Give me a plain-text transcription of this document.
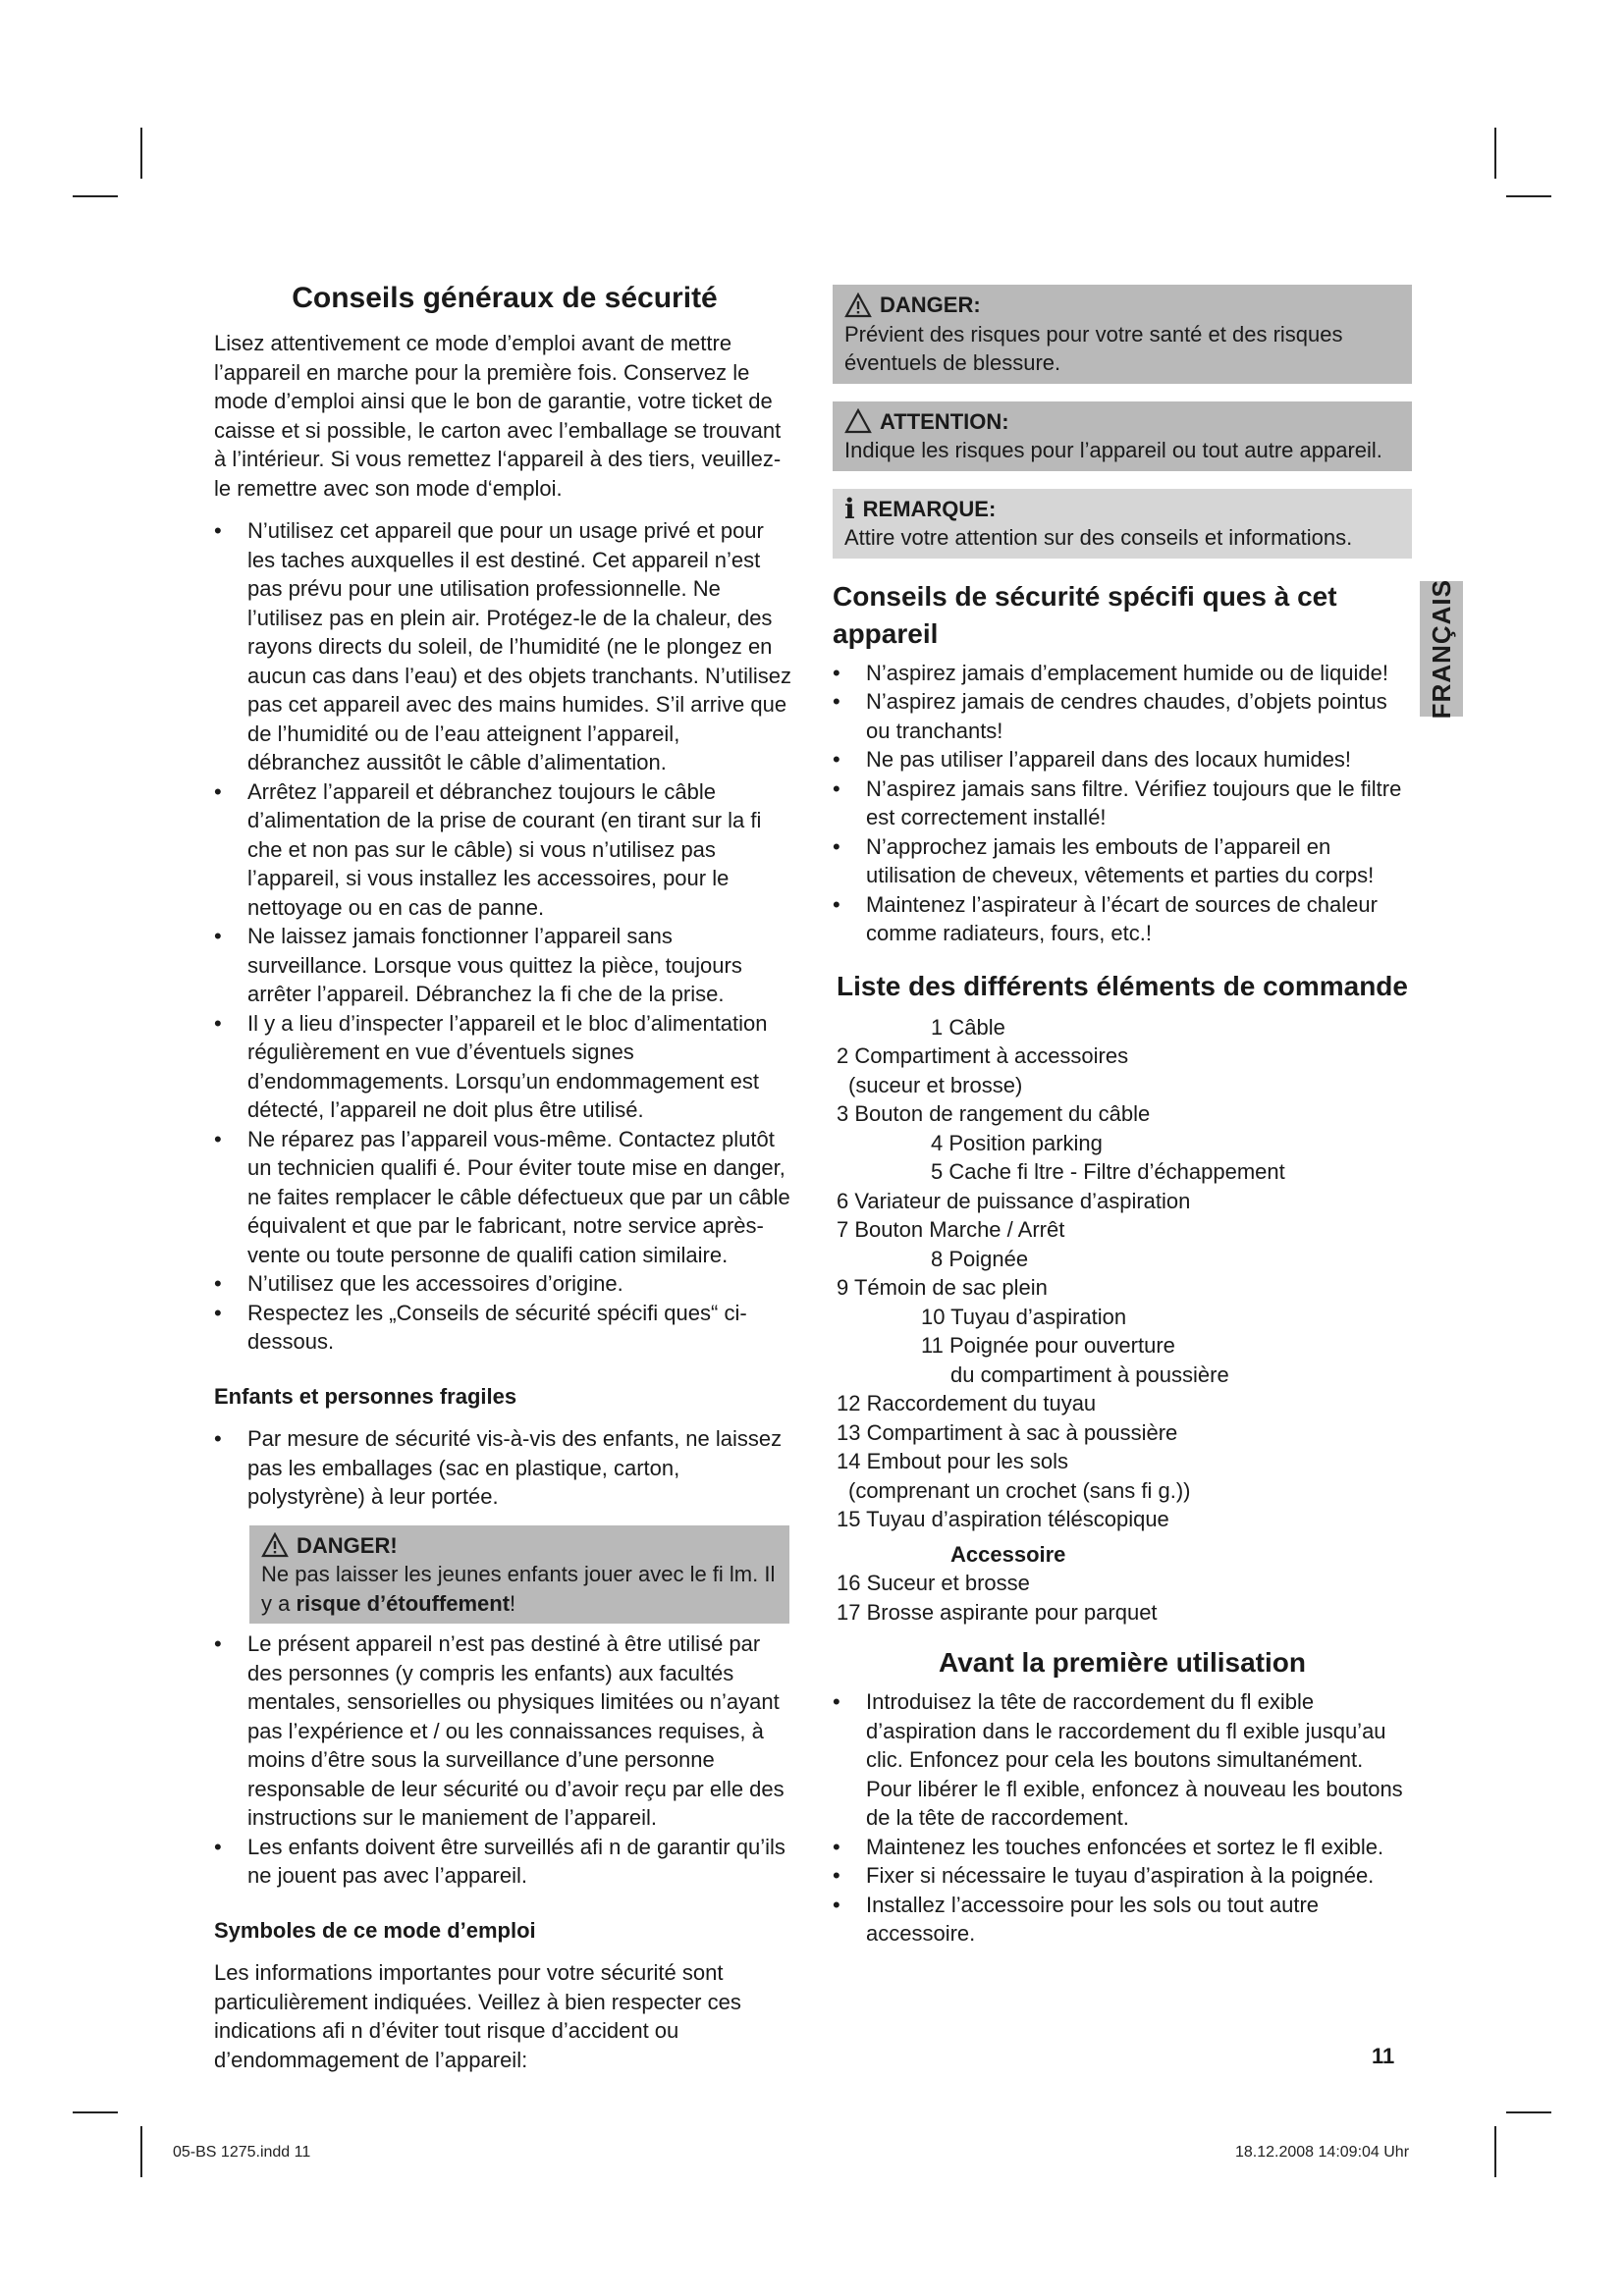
FRANÇAIS
Conseils généraux de sécurité

Lisez attentivement ce mode d’emploi avant de mettre l’appareil en marche pour la première fois. Conservez le mode d’emploi ainsi que le bon de garantie, votre ticket de caisse et si possible, le carton avec l’emballage se trouvant à l’intérieur. Si vous remettez l‘appareil à des tiers, veuillez-le remettre avec son mode d‘emploi.

• N’utilisez cet appareil que pour un usage privé et pour les taches auxquelles il est destiné. Cet appareil n’est pas prévu pour une utilisation professionnelle. Ne l’utilisez pas en plein air. Protégez-le de la chaleur, des rayons directs du soleil, de l’humidité (ne le plongez en aucun cas dans l’eau) et des objets tranchants. N’utilisez pas cet appareil avec des mains humides. S’il arrive que de l’humidité ou de l’eau atteignent l’appareil, débranchez aussitôt le câble d’alimentation.
• Arrêtez l’appareil et débranchez toujours le câble d’alimentation de la prise de courant (en tirant sur la fi che et non pas sur le câble) si vous n’utilisez pas l’appareil, si vous installez les accessoires, pour le nettoyage ou en cas de panne.
• Ne laissez jamais fonctionner l’appareil sans surveillance. Lorsque vous quittez la pièce, toujours arrêter l’appareil. Débranchez la fi che de la prise.
• Il y a lieu d’inspecter l’appareil et le bloc d’alimentation régulièrement en vue d’éventuels signes d’endommagements. Lorsqu’un endommagement est détecté, l’appareil ne doit plus être utilisé.
• Ne réparez pas l’appareil vous-même. Contactez plutôt un technicien qualifi é. Pour éviter toute mise en danger, ne faites remplacer le câble défectueux que par un câble équivalent et que par le fabricant, notre service après-vente ou toute personne de qualifi cation similaire.
• N’utilisez que les accessoires d’origine.
• Respectez les „Conseils de sécurité spécifi ques“ ci-dessous.
Enfants et personnes fragiles
• Par mesure de sécurité vis-à-vis des enfants, ne laissez pas les emballages (sac en plastique, carton, polystyrène) à leur portée.
DANGER!

Ne pas laisser les jeunes enfants jouer avec le fi lm. Il y a risque d’étouffement!

• Le présent appareil n’est pas destiné à être utilisé par des personnes (y compris les enfants) aux facultés mentales, sensorielles ou physiques limitées ou n’ayant pas l’expérience et / ou les connaissances requises, à moins d’être sous la surveillance d’une personne responsable de leur sécurité ou d’avoir reçu par elle des instructions sur le maniement de l’appareil.
• Les enfants doivent être surveillés afi n de garantir qu’ils ne jouent pas avec l’appareil.
Symboles de ce mode d’emploi

Les informations importantes pour votre sécurité sont particulièrement indiquées. Veillez à bien respecter ces indications afi n d’éviter tout risque d’accident ou d’endommagement de l’appareil:

DANGER:

Prévient des risques pour votre santé et des risques éventuels de blessure.

ATTENTION:

Indique les risques pour l’appareil ou tout autre appareil.

i REMARQUE:

Attire votre attention sur des conseils et informations.

Conseils de sécurité spécifi ques à cet appareil
• N’aspirez jamais d’emplacement humide ou de liquide!
• N’aspirez jamais de cendres chaudes, d’objets pointus ou tranchants!
• Ne pas utiliser l’appareil dans des locaux humides!
• N’aspirez jamais sans filtre. Vérifiez toujours que le filtre est correctement installé!
• N’approchez jamais les embouts de l’appareil en utilisation de cheveux, vêtements et parties du corps!
• Maintenez l’aspirateur à l’écart de sources de chaleur comme radiateurs, fours, etc.!
Liste des différents éléments de commande
1 Câble
2 Compartiment à accessoires
(suceur et brosse)
3 Bouton de rangement du câble
4 Position parking
5 Cache fi ltre - Filtre d’échappement
6 Variateur de puissance d’aspiration
7 Bouton Marche / Arrêt
8 Poignée
9 Témoin de sac plein
10 Tuyau d’aspiration
11 Poignée pour ouverture
du compartiment à poussière
12 Raccordement du tuyau
13 Compartiment à sac à poussière
14 Embout pour les sols
(comprenant un crochet (sans fi g.))
15 Tuyau d’aspiration téléscopique
Accessoire
16 Suceur et brosse
17 Brosse aspirante pour parquet
Avant la première utilisation
• Introduisez la tête de raccordement du fl exible d’aspiration dans le raccordement du fl exible jusqu’au clic. Enfoncez pour cela les boutons simultanément. Pour libérer le fl exible, enfoncez à nouveau les boutons de la tête de raccordement.
• Maintenez les touches enfoncées et sortez le fl exible.
• Fixer si nécessaire le tuyau d’aspiration à la poignée.
• Installez l’accessoire pour les sols ou tout autre accessoire.
11
05-BS 1275.indd 11	18.12.2008 14:09:04 Uhr
